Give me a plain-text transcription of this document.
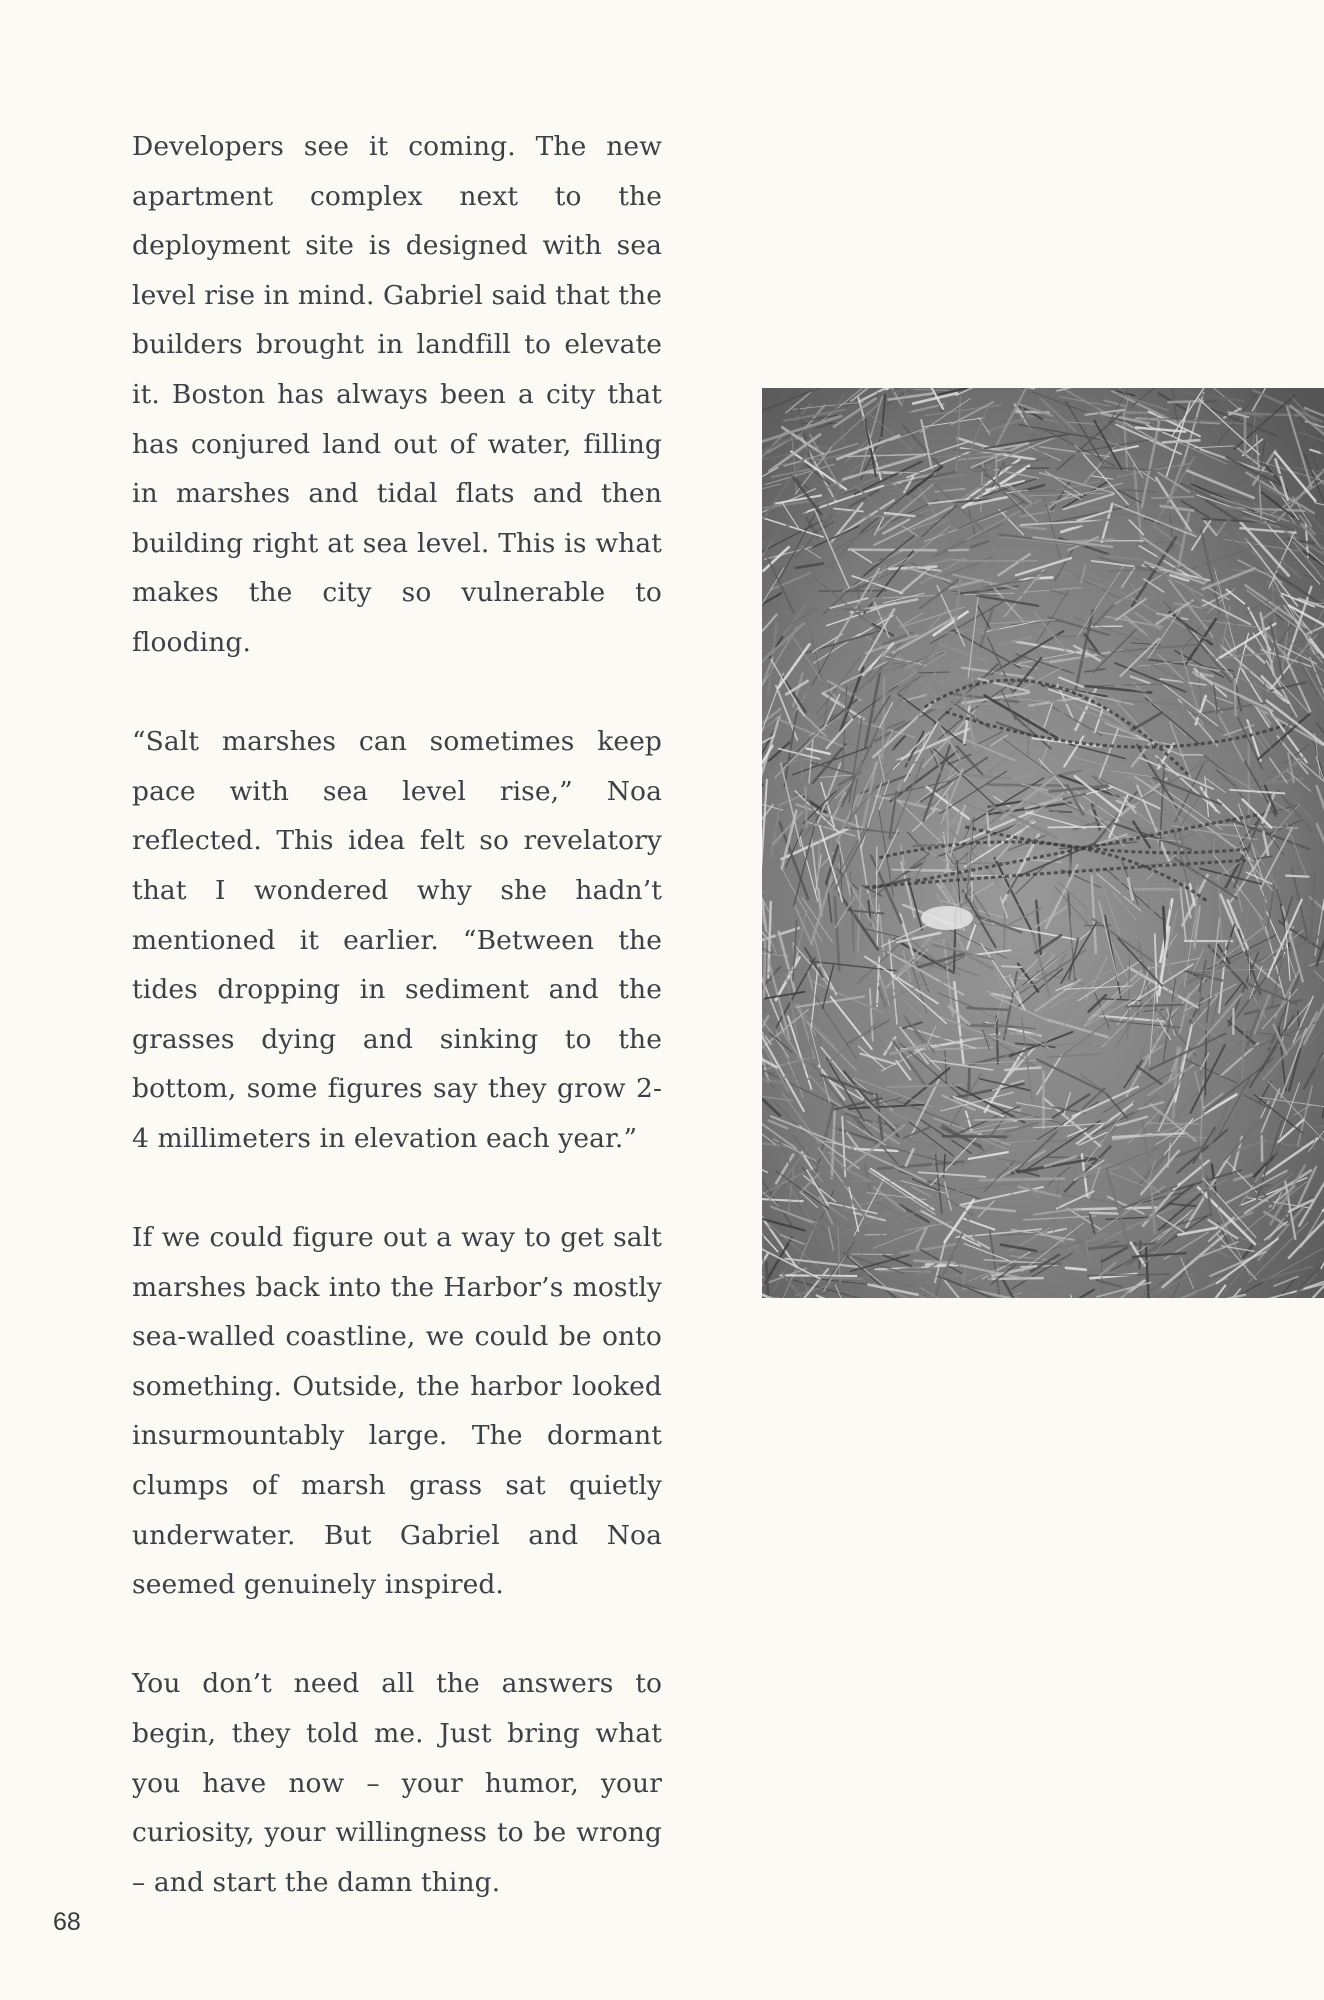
Developers see it coming. The new apartment complex next to the deployment site is designed with sea level rise in mind. Gabriel said that the builders brought in landfill to elevate it. Boston has always been a city that has conjured land out of water, filling in marshes and tidal flats and then building right at sea level. This is what makes the city so vulnerable to flooding.

“Salt marshes can sometimes keep pace with sea level rise,” Noa reflected. This idea felt so revelatory that I wondered why she hadn’t mentioned it earlier. “Between the tides dropping in sediment and the grasses dying and sinking to the bottom, some figures say they grow 2-4 millimeters in elevation each year.”

If we could figure out a way to get salt marshes back into the Harbor’s mostly sea-walled coastline, we could be onto something. Outside, the harbor looked insurmountably large. The dormant clumps of marsh grass sat quietly underwater. But Gabriel and Noa seemed genuinely inspired.

You don’t need all the answers to begin, they told me. Just bring what you have now – your humor, your curiosity, your willingness to be wrong – and start the damn thing.

68
